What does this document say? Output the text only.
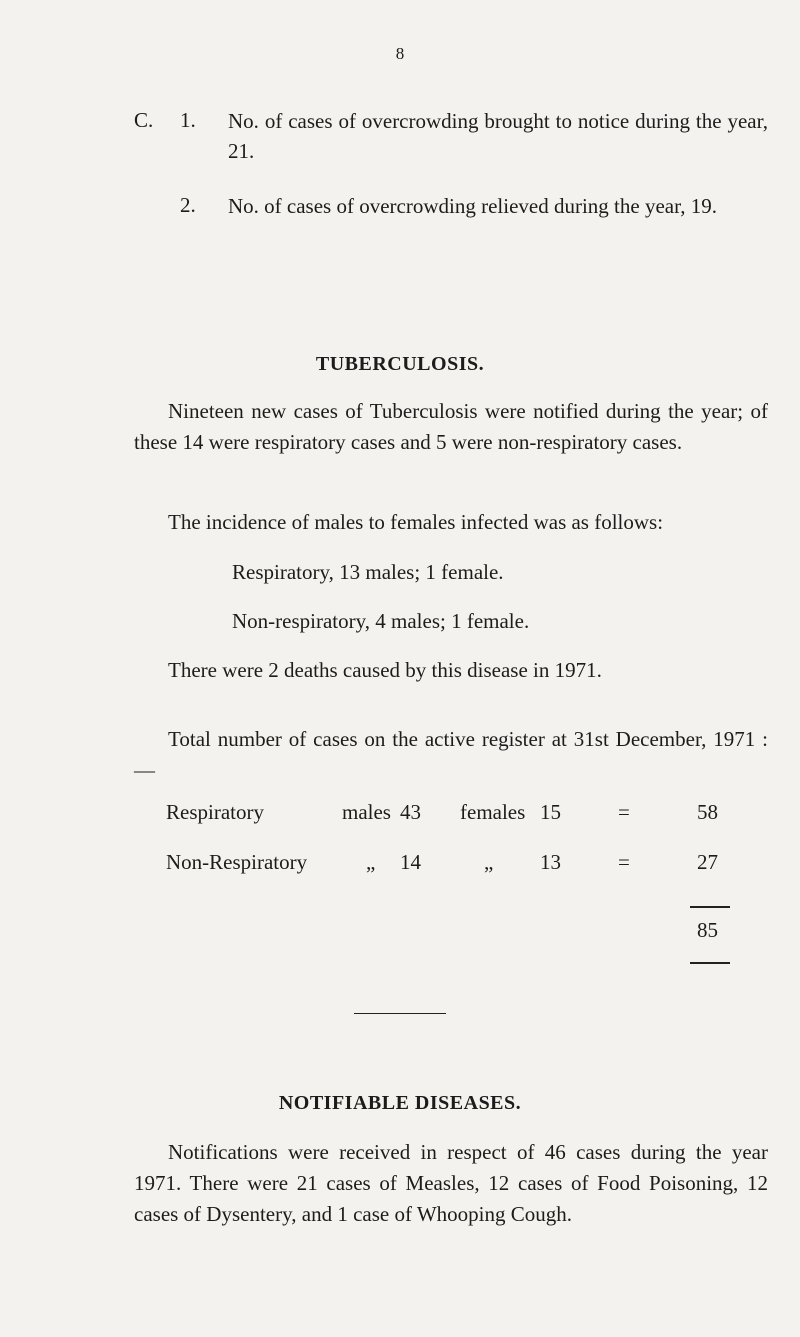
8
C. 1. No. of cases of overcrowding brought to notice during the year, 21.
2. No. of cases of overcrowding relieved during the year, 19.
TUBERCULOSIS.
Nineteen new cases of Tuberculosis were notified during the year; of these 14 were respiratory cases and 5 were non-respiratory cases.
The incidence of males to females infected was as follows:
Respiratory, 13 males; 1 female.
Non-respiratory, 4 males; 1 female.
There were 2 deaths caused by this disease in 1971.
Total number of cases on the active register at 31st December, 1971 :—
Respiratory	males 43 females 15	=	58
Non-Respiratory	„ 14	„ 13	=	27
85
NOTIFIABLE DISEASES.
Notifications were received in respect of 46 cases during the year 1971. There were 21 cases of Measles, 12 cases of Food Poisoning, 12 cases of Dysentery, and 1 case of Whooping Cough.
